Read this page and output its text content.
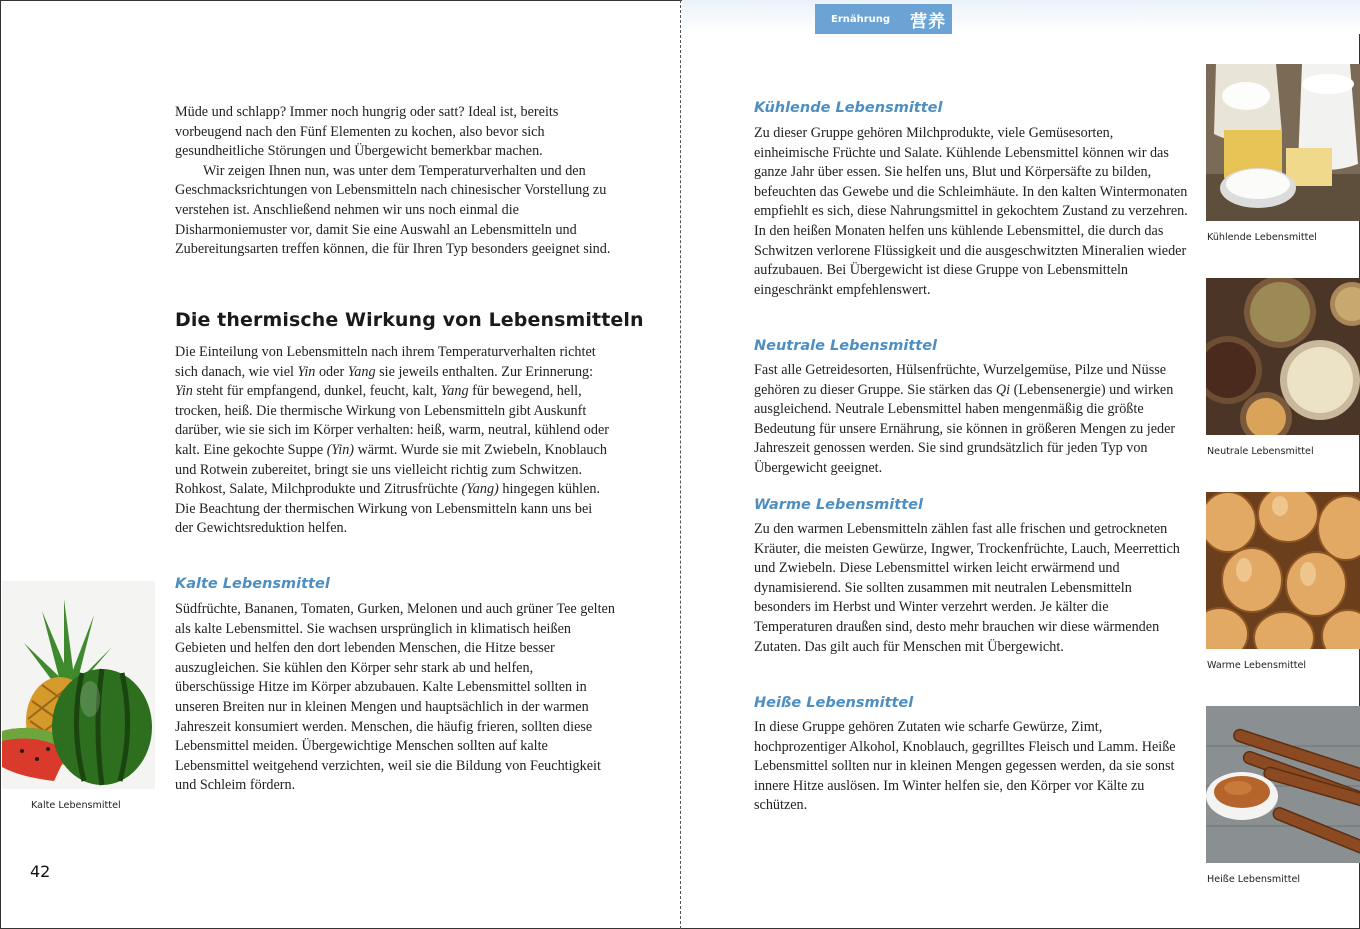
Ernährung 营养

Müde und schlapp? Immer noch hungrig oder satt? Ideal ist, bereits vorbeugend nach den Fünf Elementen zu kochen, also bevor sich gesundheitliche Störungen und Übergewicht bemerkbar machen.

Wir zeigen Ihnen nun, was unter dem Temperaturverhalten und den Geschmacksrichtungen von Lebensmitteln nach chinesischer Vorstellung zu verstehen ist. Anschließend nehmen wir uns noch einmal die Disharmoniemuster vor, damit Sie eine Auswahl an Lebensmitteln und Zubereitungsarten treffen können, die für Ihren Typ besonders geeignet sind.

Die thermische Wirkung von Lebensmitteln

Die Einteilung von Lebensmitteln nach ihrem Temperaturverhalten richtet sich danach, wie viel Yin oder Yang sie jeweils enthalten. Zur Erinnerung: Yin steht für empfangend, dunkel, feucht, kalt, Yang für bewegend, hell, trocken, heiß. Die thermische Wirkung von Lebensmitteln gibt Auskunft darüber, wie sie sich im Körper verhalten: heiß, warm, neutral, kühlend oder kalt. Eine gekochte Suppe (Yin) wärmt. Wurde sie mit Zwiebeln, Knoblauch und Rotwein zubereitet, bringt sie uns vielleicht richtig zum Schwitzen. Rohkost, Salate, Milchprodukte und Zitrusfrüchte (Yang) hingegen kühlen. Die Beachtung der thermischen Wirkung von Lebensmitteln kann uns bei der Gewichtsreduktion helfen.

Kalte Lebensmittel

Südfrüchte, Bananen, Tomaten, Gurken, Melonen und auch grüner Tee gelten als kalte Lebensmittel. Sie wachsen ursprünglich in klimatisch heißen Gebieten und helfen den dort lebenden Menschen, die Hitze besser auszugleichen. Sie kühlen den Körper sehr stark ab und helfen, überschüssige Hitze im Körper abzubauen. Kalte Lebensmittel sollten in unseren Breiten nur in kleinen Mengen und hauptsächlich in der warmen Jahreszeit konsumiert werden. Menschen, die häufig frieren, sollten diese Lebensmittel meiden. Übergewichtige Menschen sollten auf kalte Lebensmittel weitgehend verzichten, weil sie die Bildung von Feuchtigkeit und Schleim fördern.

Kalte Lebensmittel
42
Kühlende Lebensmittel

Zu dieser Gruppe gehören Milchprodukte, viele Gemüsesorten, einheimische Früchte und Salate. Kühlende Lebensmittel können wir das ganze Jahr über essen. Sie helfen uns, Blut und Körpersäfte zu bilden, befeuchten das Gewebe und die Schleimhäute. In den kalten Wintermonaten empfiehlt es sich, diese Nahrungsmittel in gekochtem Zustand zu verzehren. In den heißen Monaten helfen uns kühlende Lebensmittel, die durch das Schwitzen verlorene Flüssigkeit und die ausgeschwitzten Mineralien wieder aufzubauen. Bei Übergewicht ist diese Gruppe von Lebensmitteln eingeschränkt empfehlenswert.

Neutrale Lebensmittel

Fast alle Getreidesorten, Hülsenfrüchte, Wurzelgemüse, Pilze und Nüsse gehören zu dieser Gruppe. Sie stärken das Qi (Lebensenergie) und wirken ausgleichend. Neutrale Lebensmittel haben mengenmäßig die größte Bedeutung für unsere Ernährung, sie können in größeren Mengen zu jeder Jahreszeit genossen werden. Sie sind grundsätzlich für jeden Typ von Übergewicht geeignet.

Warme Lebensmittel

Zu den warmen Lebensmitteln zählen fast alle frischen und getrockneten Kräuter, die meisten Gewürze, Ingwer, Trockenfrüchte, Lauch, Meerrettich und Zwiebeln. Diese Lebensmittel wirken leicht erwärmend und dynamisierend. Sie sollten zusammen mit neutralen Lebensmitteln besonders im Herbst und Winter verzehrt werden. Je kälter die Temperaturen draußen sind, desto mehr brauchen wir diese wärmenden Zutaten. Das gilt auch für Menschen mit Übergewicht.

Heiße Lebensmittel

In diese Gruppe gehören Zutaten wie scharfe Gewürze, Zimt, hochprozentiger Alkohol, Knoblauch, gegrilltes Fleisch und Lamm. Heiße Lebensmittel sollten nur in kleinen Mengen gegessen werden, da sie sonst innere Hitze auslösen. Im Winter helfen sie, den Körper vor Kälte zu schützen.

Kühlende Lebensmittel
Neutrale Lebensmittel
Warme Lebensmittel
Heiße Lebensmittel
